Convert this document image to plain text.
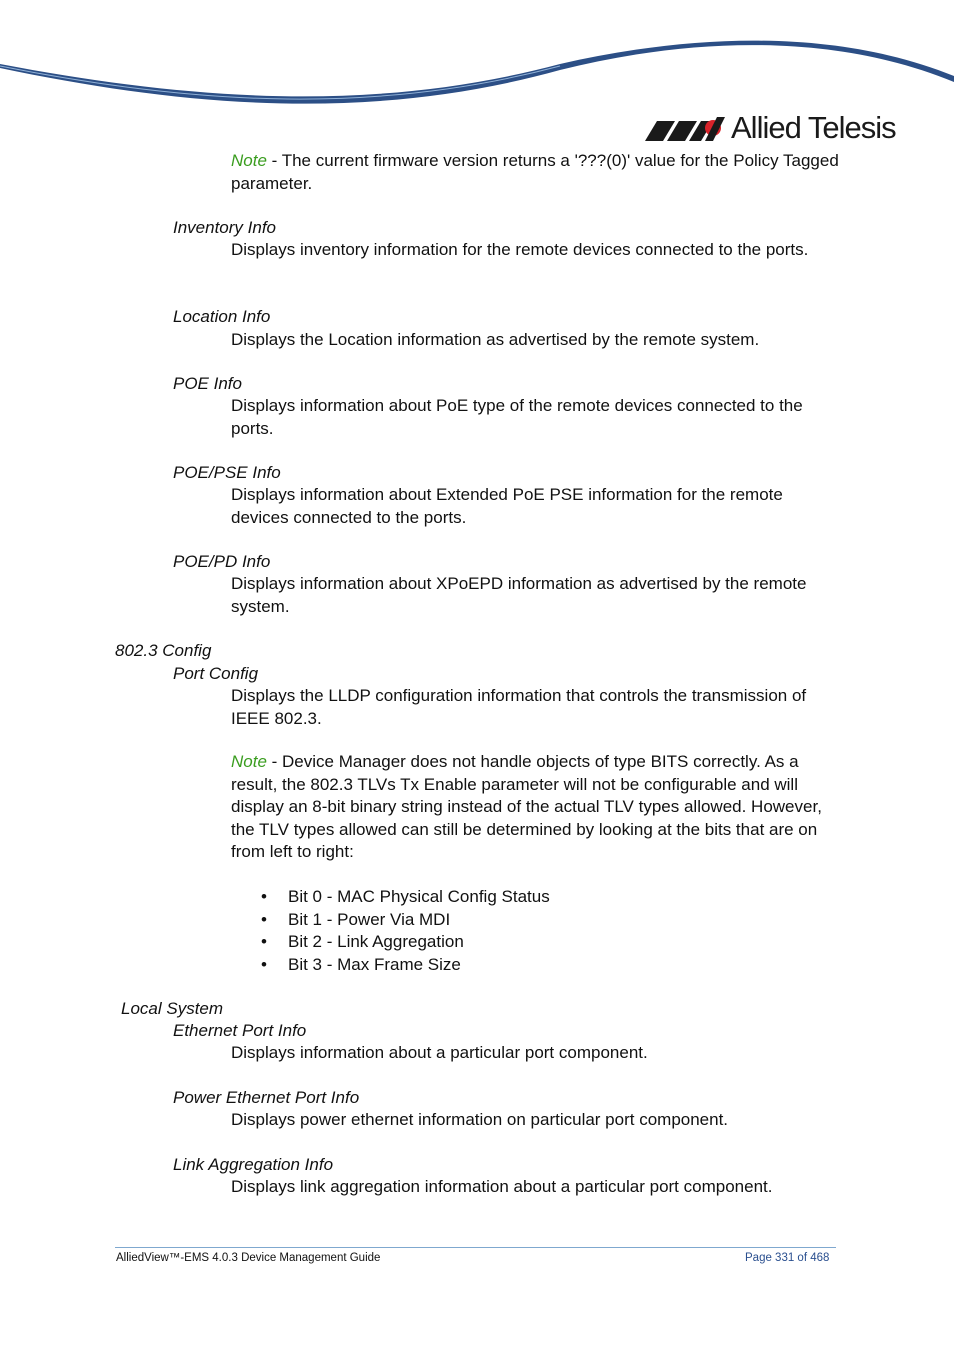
Allied Telesis
Note - The current firmware version returns a '???(0)' value for the Policy Tagged parameter.
Inventory Info
Displays inventory information for the remote devices connected to the ports.
Location Info
Displays the Location information as advertised by the remote system.
POE Info
Displays information about PoE type of the remote devices connected to the ports.
POE/PSE Info
Displays information about Extended PoE PSE information for the remote devices connected to the ports.
POE/PD Info
Displays information about XPoEPD information as advertised by the remote system.
802.3 Config
Port Config
Displays the LLDP configuration information that controls the transmission of IEEE 802.3.
Note - Device Manager does not handle objects of type BITS correctly. As a result, the 802.3 TLVs Tx Enable parameter will not be configurable and will display an 8-bit binary string instead of the actual TLV types allowed. However, the TLV types allowed can still be determined by looking at the bits that are on from left to right:
• Bit 0 - MAC Physical Config Status
• Bit 1 - Power Via MDI
• Bit 2 - Link Aggregation
• Bit 3 - Max Frame Size
Local System
Ethernet Port Info
Displays information about a particular port component.
Power Ethernet Port Info
Displays power ethernet information on particular port component.
Link Aggregation Info
Displays link aggregation information about a particular port component.
AlliedView™-EMS 4.0.3 Device Management Guide	Page 331 of 468
